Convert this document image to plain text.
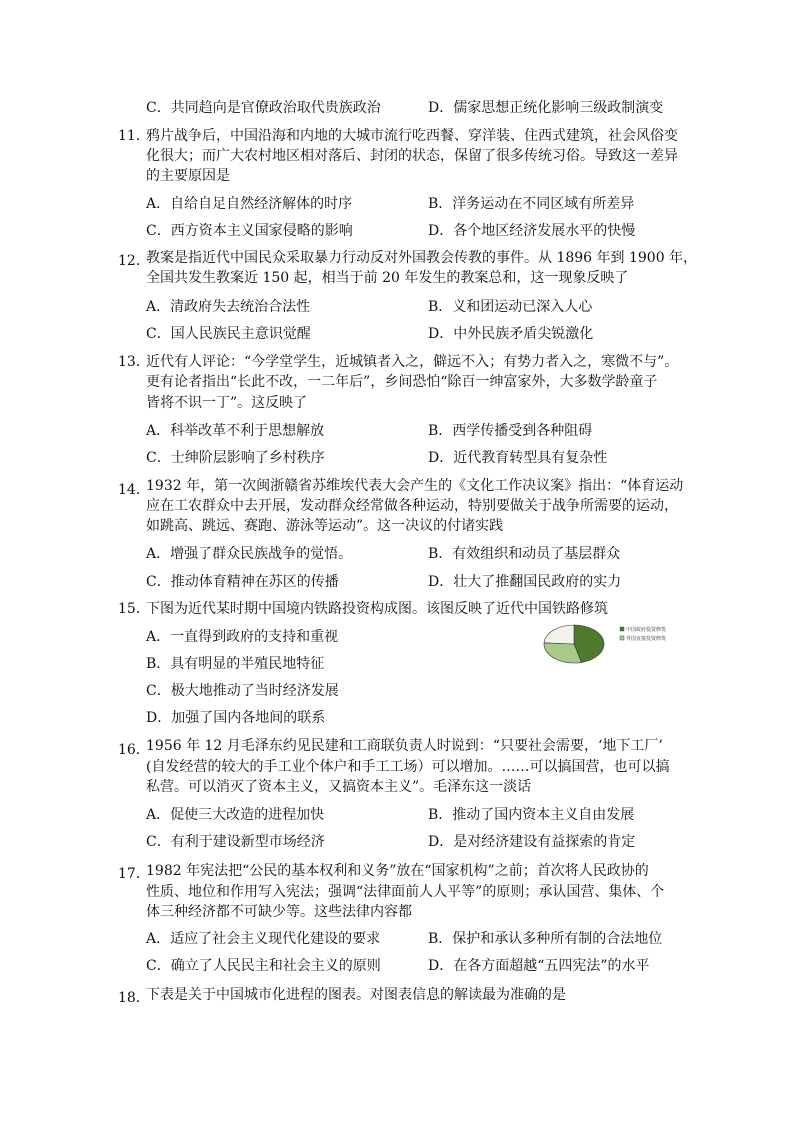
C．共同趋向是官僚政治取代贵族政治	D．儒家思想正统化影响三级政制演变
11．
鸦片战争后，中国沿海和内地的大城市流行吃西餐、穿洋装、住西式建筑，社会风俗变
化很大；而广大农村地区相对落后、封闭的状态，保留了很多传统习俗。导致这一差异
的主要原因是
A．自给自足自然经济解体的时序	B．洋务运动在不同区域有所差异
C．西方资本主义国家侵略的影响	D．各个地区经济发展水平的快慢
12．
教案是指近代中国民众采取暴力行动反对外国教会传教的事件。从 1896 年到 1900 年，
全国共发生教案近 150 起，相当于前 20 年发生的教案总和，这一现象反映了
A．清政府失去统治合法性	B．义和团运动已深入人心
C．国人民族民主意识觉醒	D．中外民族矛盾尖锐激化
13．
近代有人评论：“今学堂学生，近城镇者入之，僻远不入；有势力者入之，寒微不与”。
更有论者指出“长此不改，一二年后”，乡间恐怕“除百一绅富家外，大多数学龄童子
皆将不识一丁”。这反映了
A．科举改革不利于思想解放	B．西学传播受到各种阻碍
C．士绅阶层影响了乡村秩序	D．近代教育转型具有复杂性
14．
1932 年，第一次闽浙赣省苏维埃代表大会产生的《文化工作决议案》指出：“体育运动
应在工农群众中去开展，发动群众经常做各种运动，特别要做关于战争所需要的运动，
如跳高、跳远、赛跑、游泳等运动”。这一决议的付诸实践
A．增强了群众民族战争的觉悟。	B．有效组织和动员了基层群众
C．推动体育精神在苏区的传播	D．壮大了推翻国民政府的实力
15．
下图为近代某时期中国境内铁路投资构成图。该图反映了近代中国铁路修筑
A．一直得到政府的支持和重视
B．具有明显的半殖民地特征
C．极大地推动了当时经济发展
D．加强了国内各地间的联系
中国政府投资修筑
外国直接投资修筑
16．
1956 年 12 月毛泽东约见民建和工商联负责人时说到：“只要社会需要，‘地下工厂’
(自发经营的较大的手工业个体户和手工工场）可以增加。……可以搞国营，也可以搞
私营。可以消灭了资本主义，又搞资本主义”。毛泽东这一淡话
A．促使三大改造的进程加快	B．推动了国内资本主义自由发展
C．有利于建设新型市场经济	D．是对经济建设有益探索的肯定
17．
1982 年宪法把“公民的基本权利和义务”放在“国家机构”之前；首次将人民政协的
性质、地位和作用写入宪法；强调“法律面前人人平等”的原则；承认国营、集体、个
体三种经济都不可缺少等。这些法律内容都
A．适应了社会主义现代化建设的要求	B．保护和承认多种所有制的合法地位
C．确立了人民民主和社会主义的原则	D．在各方面超越“五四宪法”的水平
18．
下表是关于中国城市化进程的图表。对图表信息的解读最为准确的是
